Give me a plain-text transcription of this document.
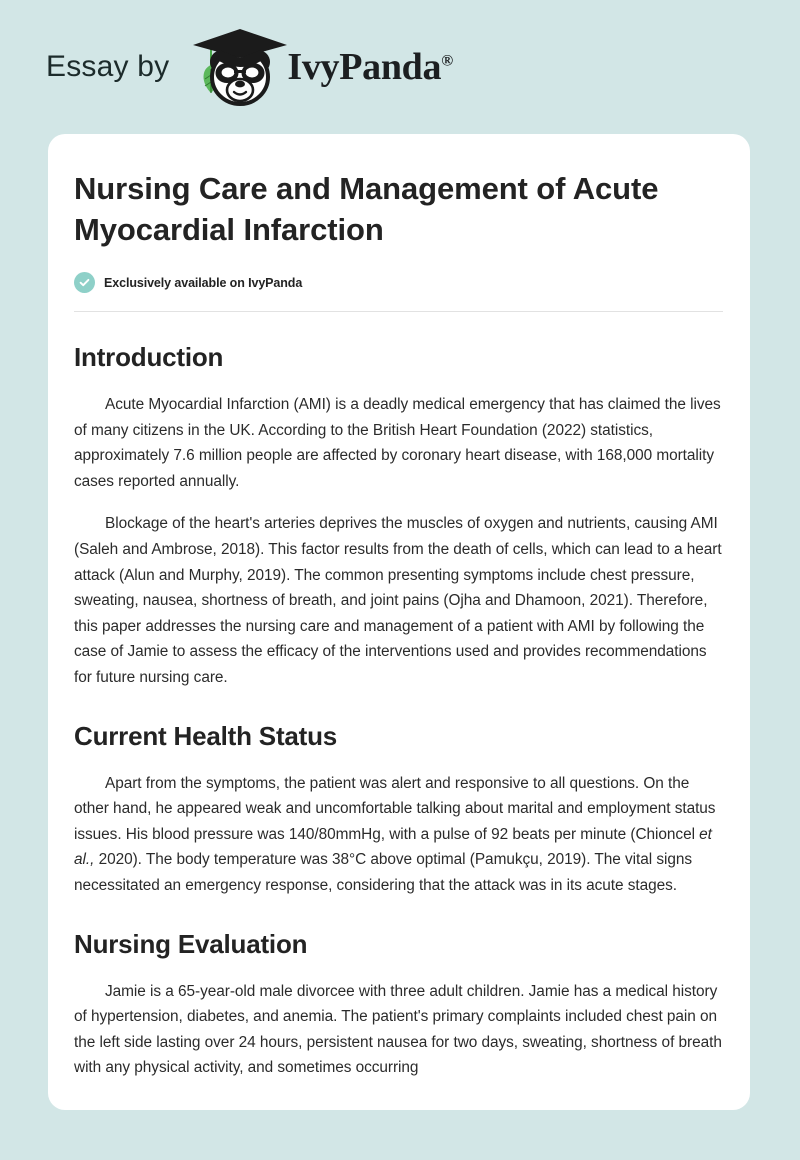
Essay by	IvyPanda®
Nursing Care and Management of Acute Myocardial Infarction
Exclusively available on IvyPanda
Introduction

Acute Myocardial Infarction (AMI) is a deadly medical emergency that has claimed the lives of many citizens in the UK. According to the British Heart Foundation (2022) statistics, approximately 7.6 million people are affected by coronary heart disease, with 168,000 mortality cases reported annually.

Blockage of the heart's arteries deprives the muscles of oxygen and nutrients, causing AMI (Saleh and Ambrose, 2018). This factor results from the death of cells, which can lead to a heart attack (Alun and Murphy, 2019). The common presenting symptoms include chest pressure, sweating, nausea, shortness of breath, and joint pains (Ojha and Dhamoon, 2021). Therefore, this paper addresses the nursing care and management of a patient with AMI by following the case of Jamie to assess the efficacy of the interventions used and provides recommendations for future nursing care.

Current Health Status

Apart from the symptoms, the patient was alert and responsive to all questions. On the other hand, he appeared weak and uncomfortable talking about marital and employment status issues. His blood pressure was 140/80mmHg, with a pulse of 92 beats per minute (Chioncel et al., 2020). The body temperature was 38°C above optimal (Pamukçu, 2019). The vital signs necessitated an emergency response, considering that the attack was in its acute stages.

Nursing Evaluation

Jamie is a 65-year-old male divorcee with three adult children. Jamie has a medical history of hypertension, diabetes, and anemia. The patient's primary complaints included chest pain on the left side lasting over 24 hours, persistent nausea for two days, sweating, shortness of breath with any physical activity, and sometimes occurring
